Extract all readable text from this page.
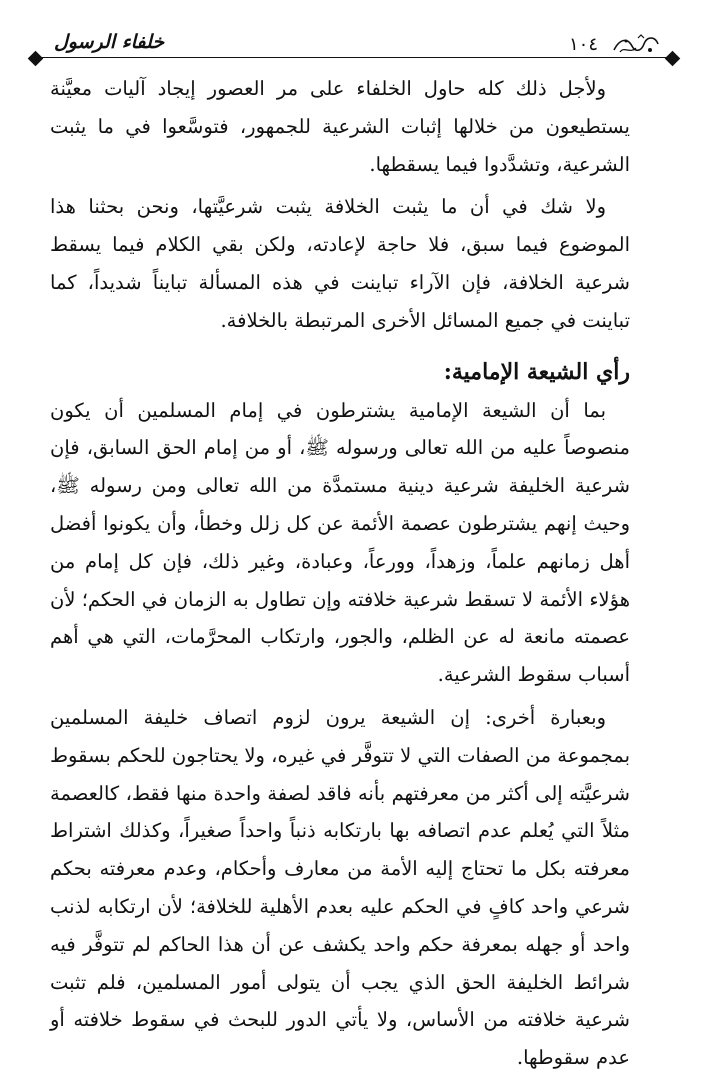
خلفاء الرسول	١٠٤

ولأجل ذلك كله حاول الخلفاء على مر العصور إيجاد آليات معيَّنة يستطيعون من خلالها إثبات الشرعية للجمهور، فتوسَّعوا في ما يثبت الشرعية، وتشدَّدوا فيما يسقطها.

ولا شك في أن ما يثبت الخلافة يثبت شرعيَّتها، ونحن بحثنا هذا الموضوع فيما سبق، فلا حاجة لإعادته، ولكن بقي الكلام فيما يسقط شرعية الخلافة، فإن الآراء تباينت في هذه المسألة تبايناً شديداً، كما تباينت في جميع المسائل الأخرى المرتبطة بالخلافة.

رأي الشيعة الإمامية:

بما أن الشيعة الإمامية يشترطون في إمام المسلمين أن يكون منصوصاً عليه من الله تعالى ورسوله ﷺ، أو من إمام الحق السابق، فإن شرعية الخليفة شرعية دينية مستمدَّة من الله تعالى ومن رسوله ﷺ، وحيث إنهم يشترطون عصمة الأئمة عن كل زلل وخطأ، وأن يكونوا أفضل أهل زمانهم علماً، وزهداً، وورعاً، وعبادة، وغير ذلك، فإن كل إمام من هؤلاء الأئمة لا تسقط شرعية خلافته وإن تطاول به الزمان في الحكم؛ لأن عصمته مانعة له عن الظلم، والجور، وارتكاب المحرَّمات، التي هي أهم أسباب سقوط الشرعية.

وبعبارة أخرى: إن الشيعة يرون لزوم اتصاف خليفة المسلمين بمجموعة من الصفات التي لا تتوفَّر في غيره، ولا يحتاجون للحكم بسقوط شرعيَّته إلى أكثر من معرفتهم بأنه فاقد لصفة واحدة منها فقط، كالعصمة مثلاً التي يُعلم عدم اتصافه بها بارتكابه ذنباً واحداً صغيراً، وكذلك اشتراط معرفته بكل ما تحتاج إليه الأمة من معارف وأحكام، وعدم معرفته بحكم شرعي واحد كافٍ في الحكم عليه بعدم الأهلية للخلافة؛ لأن ارتكابه لذنب واحد أو جهله بمعرفة حكم واحد يكشف عن أن هذا الحاكم لم تتوفَّر فيه شرائط الخليفة الحق الذي يجب أن يتولى أمور المسلمين، فلم تثبت شرعية خلافته من الأساس، ولا يأتي الدور للبحث في سقوط خلافته أو عدم سقوطها.
